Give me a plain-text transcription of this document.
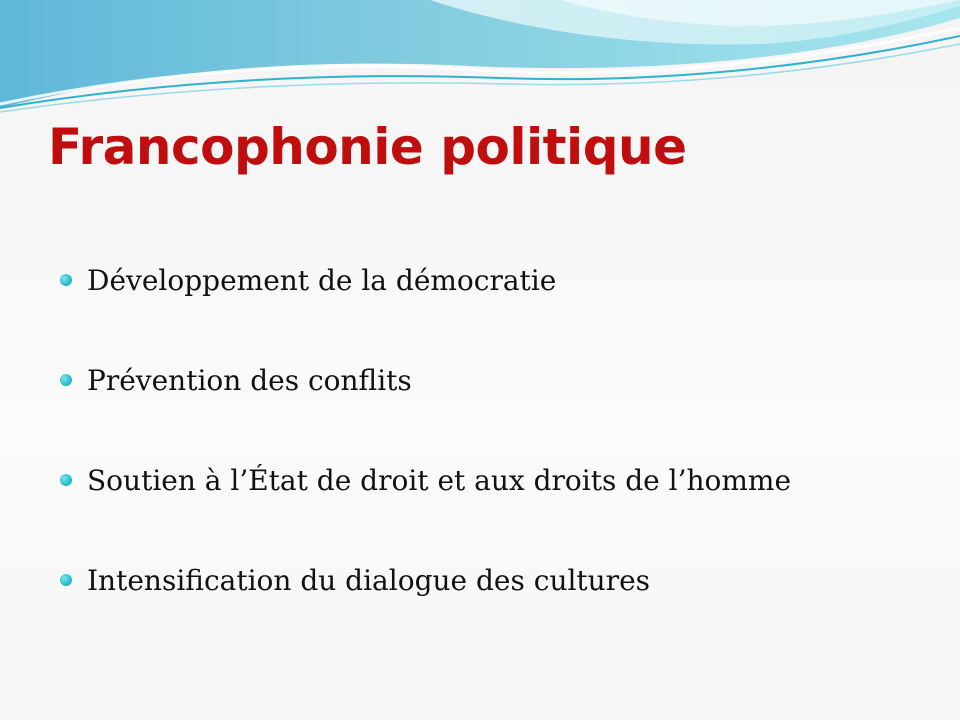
Francophonie politique
Développement de la démocratie
Prévention des conflits
Soutien à l’État de droit et aux droits de l’homme
Intensification du dialogue des cultures
